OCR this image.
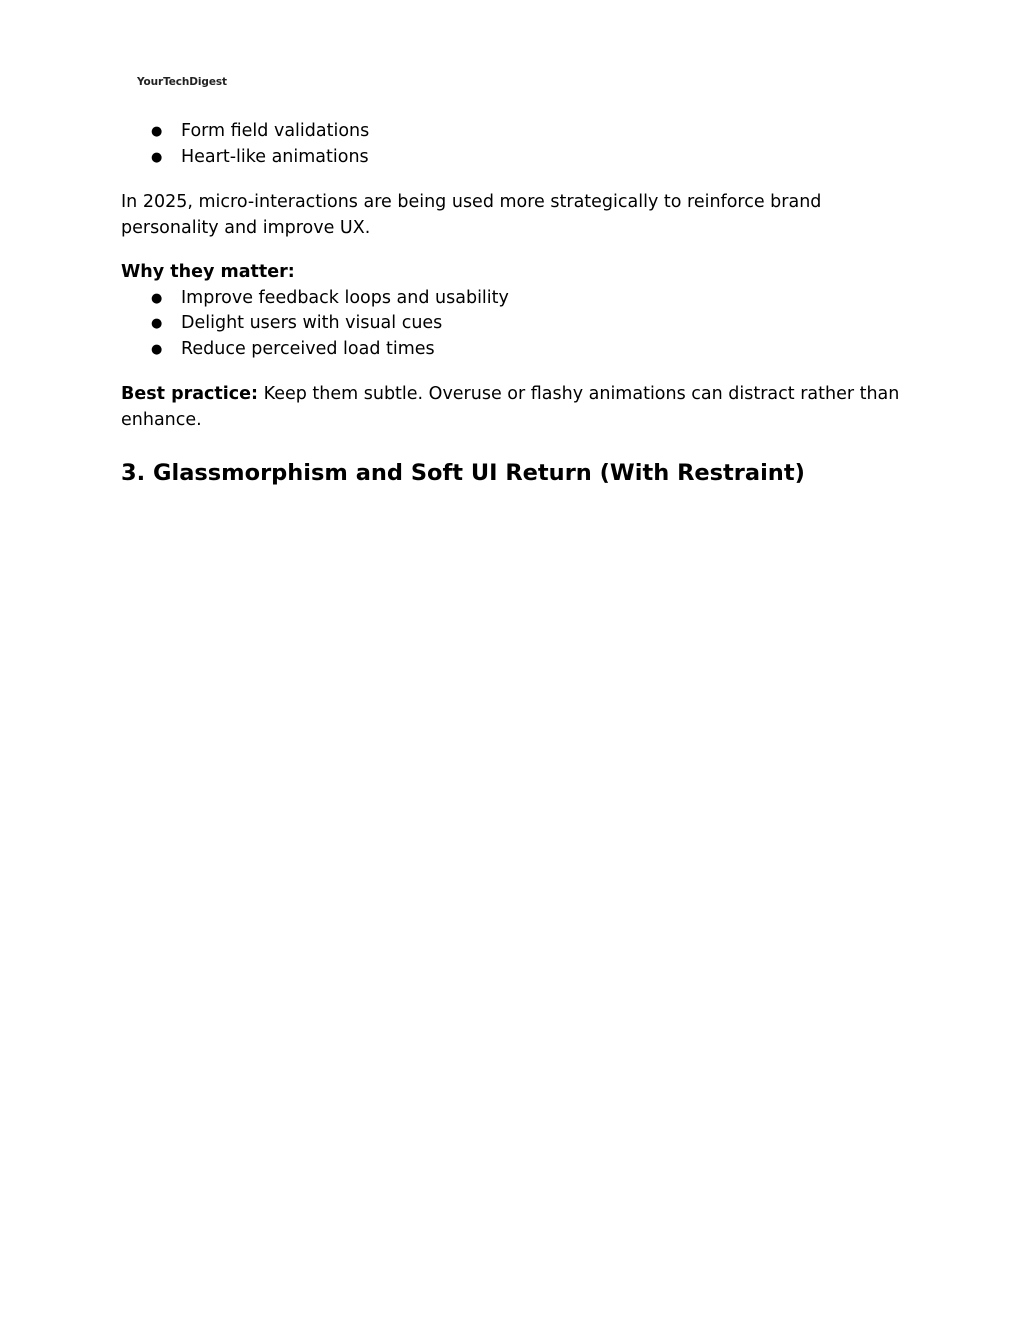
YourTechDigest
● Form field validations
● Heart-like animations

In 2025, micro-interactions are being used more strategically to reinforce brand personality and improve UX.

Why they matter:

● Improve feedback loops and usability
● Delight users with visual cues
● Reduce perceived load times

Best practice: Keep them subtle. Overuse or flashy animations can distract rather than enhance.

3. Glassmorphism and Soft UI Return (With Restraint)
